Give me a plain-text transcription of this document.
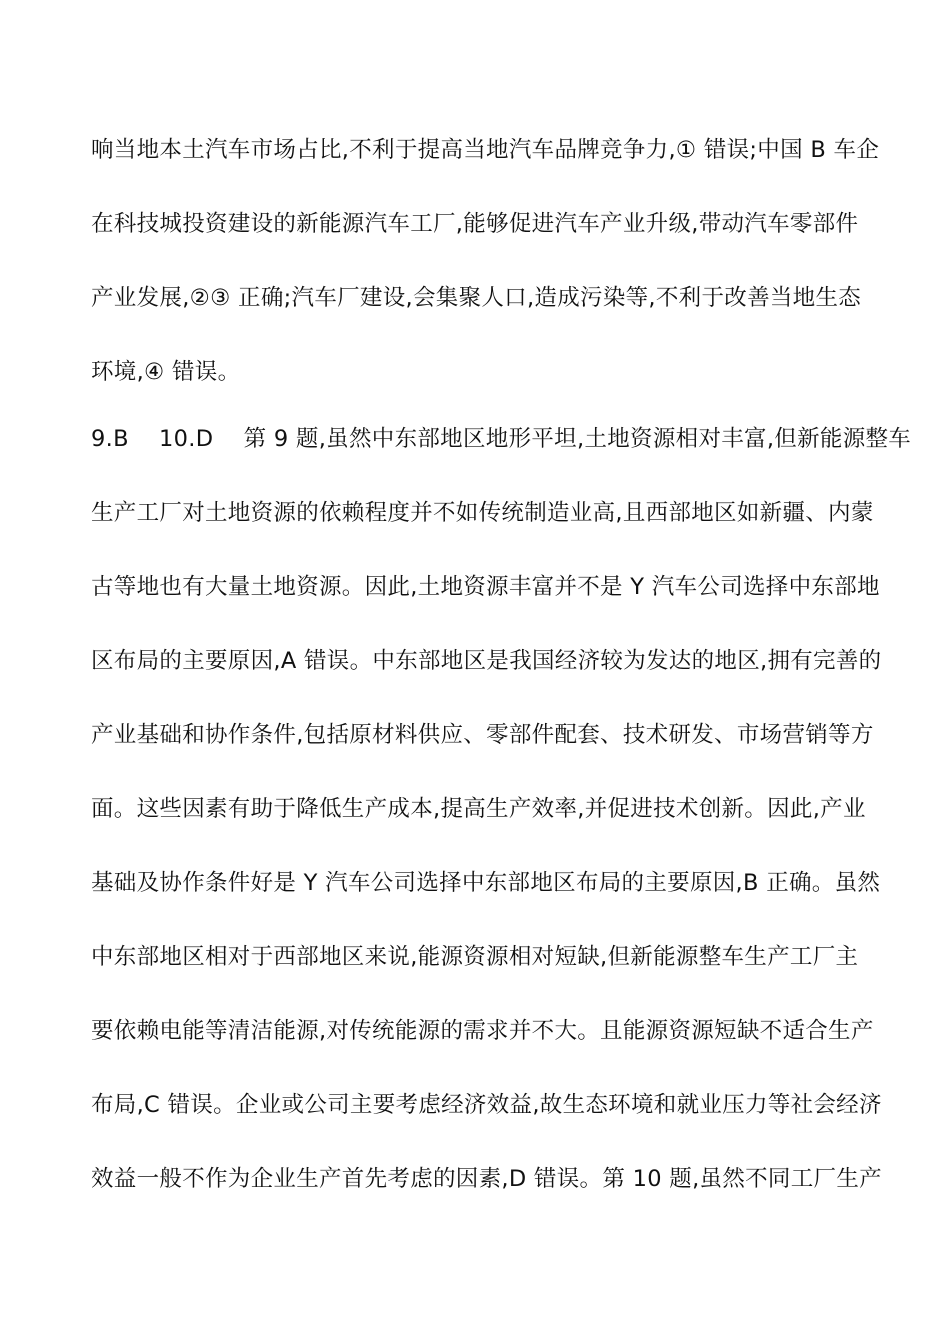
响当地本土汽车市场占比,不利于提高当地汽车品牌竞争力,① 错误;中国 B 车企
在科技城投资建设的新能源汽车工厂,能够促进汽车产业升级,带动汽车零部件
产业发展,②③ 正确;汽车厂建设,会集聚人口,造成污染等,不利于改善当地生态
环境,④ 错误。
9.B　 10.D　 第 9 题,虽然中东部地区地形平坦,土地资源相对丰富,但新能源整车
生产工厂对土地资源的依赖程度并不如传统制造业高,且西部地区如新疆、内蒙
古等地也有大量土地资源。因此,土地资源丰富并不是 Y 汽车公司选择中东部地
区布局的主要原因,A 错误。中东部地区是我国经济较为发达的地区,拥有完善的
产业基础和协作条件,包括原材料供应、零部件配套、技术研发、市场营销等方
面。这些因素有助于降低生产成本,提高生产效率,并促进技术创新。因此,产业
基础及协作条件好是 Y 汽车公司选择中东部地区布局的主要原因,B 正确。虽然
中东部地区相对于西部地区来说,能源资源相对短缺,但新能源整车生产工厂主
要依赖电能等清洁能源,对传统能源的需求并不大。且能源资源短缺不适合生产
布局,C 错误。企业或公司主要考虑经济效益,故生态环境和就业压力等社会经济
效益一般不作为企业生产首先考虑的因素,D 错误。第 10 题,虽然不同工厂生产
